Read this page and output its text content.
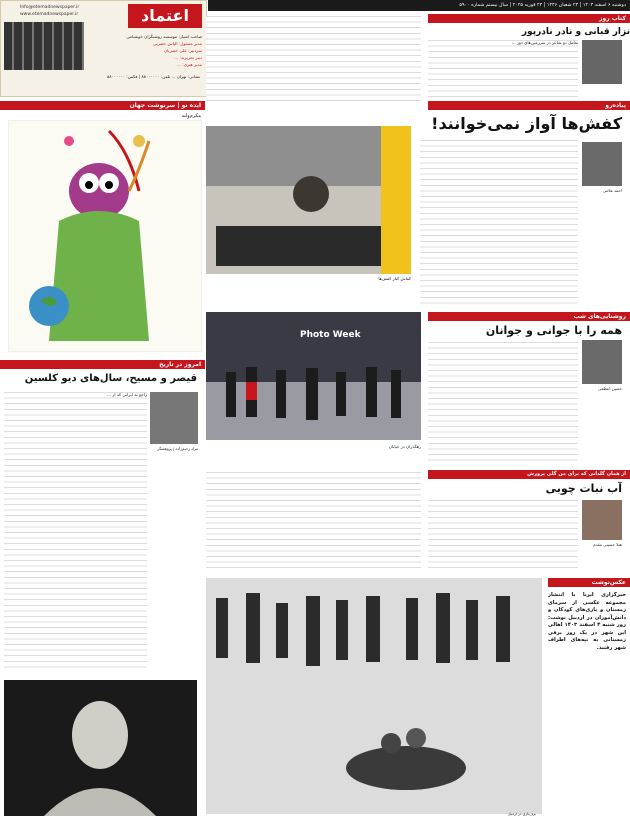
اعتماد
Info@etemadnewspaper.ir
www.etemadnewspaper.ir
صاحب امتیاز: موسسه روشنگران خوشنامی
مدیر مسئول: الیاس حضرتی
سردبیر: علی خضریان
دبیر تحریریه: ...
مدیر هنری: ...
نشانی: تهران ... تلفن: ۸۸۰۰۰۰۰۰ | فکس: ۸۸۰۰۰۰۰۰
دوشنبه ۶ اسفند ۱۴۰۳ | ۲۴ شعبان ۱۴۴۶ | ۲۴ فوریه ۲۰۲۵ | سال بیستم شماره ۵۹۰۰
ایده نو | سرنوشت جهان
مکرم‌ولنه
امروز در تاریخ
قیصر و مسیح، سال‌های دیو کلسین
مراد رحیم‌زاده | پژوهشگر
راجع به ایرانی که از ...
کفاش کنار کفش‌ها
Photo Week
رهگذران در خیابان
کتاب روز
نزار قبانی و نادر نادرپور
تعامل دو شاعر در سرزمین‌های دور ...
پیاده‌رو
کفش‌ها آواز نمی‌خوانند!
احمد غلامی
روشنایی‌های شب
همه را با جوانی و جوانان
حسین اعظمی
از همان گلدانی که برای من گلی پرورش
آب نبات چوبی
هیلا حسینی مقدم
عکس‌نوشت
خبرگزاری ایرنا با انتشار مجموعه عکسی از سرمای زمستان و بازی‌های کودکان و دانش‌آموزان در اردبیل نوشت: روز شنبه ۴ اسفند ۱۴۰۳ اهالی این شهر در یک روز برفی زمستانی به تپه‌های اطراف شهر رفتند.
برف‌بازی در اردبیل
